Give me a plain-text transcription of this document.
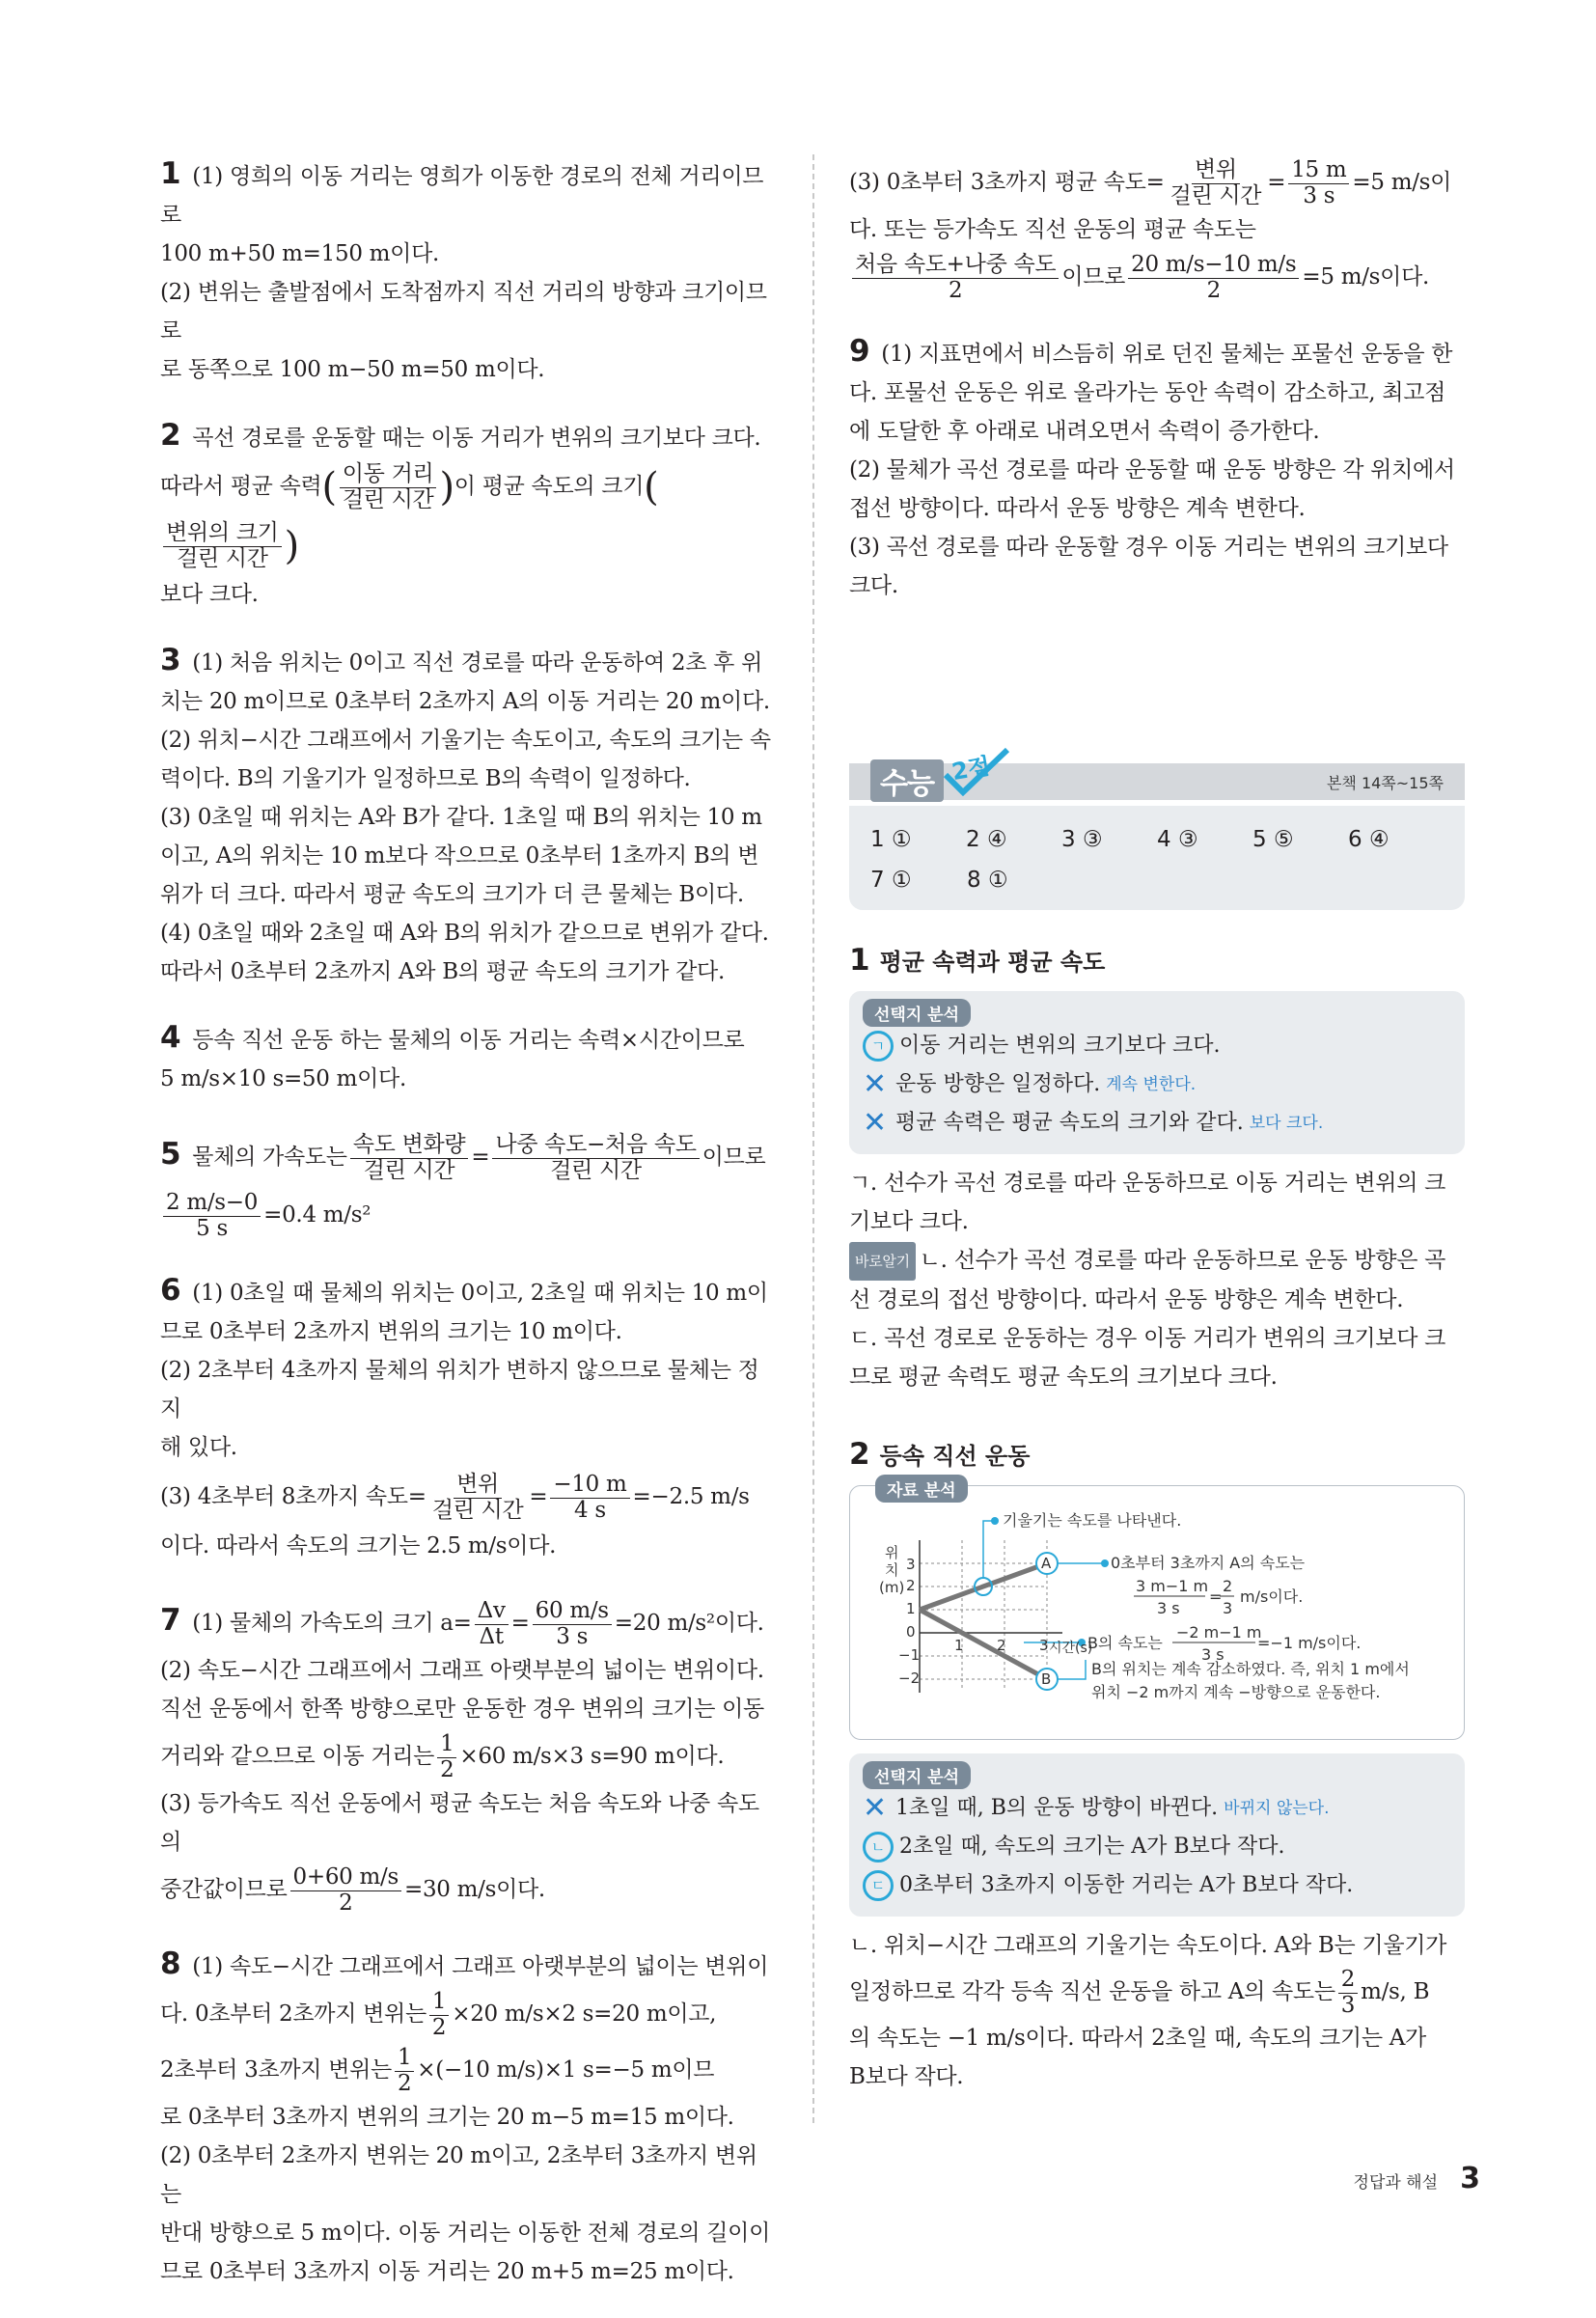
1 (1) 영희의 이동 거리는 영희가 이동한 경로의 전체 거리이므로

100 m+50 m=150 m이다.

(2) 변위는 출발점에서 도착점까지 직선 거리의 방향과 크기이므로

로 동쪽으로 100 m−50 m=50 m이다.

2 곡선 경로를 운동할 때는 이동 거리가 변위의 크기보다 크다.

따라서 평균 속력( $\frac{\text{이동 거리}}{\text{걸린 시간}}$ )이 평균 속도의 크기(
$\frac{\text{변위의 크기}}{\text{걸린 시간}}$ )

보다 크다.

3 (1) 처음 위치는 0이고 직선 경로를 따라 운동하여 2초 후 위

치는 20 m이므로 0초부터 2초까지 A의 이동 거리는 20 m이다.

(2) 위치−시간 그래프에서 기울기는 속도이고, 속도의 크기는 속

력이다. B의 기울기가 일정하므로 B의 속력이 일정하다.

(3) 0초일 때 위치는 A와 B가 같다. 1초일 때 B의 위치는 10 m

이고, A의 위치는 10 m보다 작으므로 0초부터 1초까지 B의 변

위가 더 크다. 따라서 평균 속도의 크기가 더 큰 물체는 B이다.

(4) 0초일 때와 2초일 때 A와 B의 위치가 같으므로 변위가 같다.

따라서 0초부터 2초까지 A와 B의 평균 속도의 크기가 같다.

4 등속 직선 운동 하는 물체의 이동 거리는 속력×시간이므로

5 m/s×10 s=50 m이다.

5 물체의 가속도는 $\frac{\text{속도 변화량}}{\text{걸린 시간}} = \frac{\text{나중 속도−처음 속도}}{\text{걸린 시간}}$ 이므로

$\frac{2 m/s-0}{5 s} =0.4$ m/s²

6 (1) 0초일 때 물체의 위치는 0이고, 2초일 때 위치는 10 m이

므로 0초부터 2초까지 변위의 크기는 10 m이다.

(2) 2초부터 4초까지 물체의 위치가 변하지 않으므로 물체는 정지

해 있다.

(3) 4초부터 8초까지 속도= $\frac{\text{변위}}{\text{걸린 시간}} = \frac{-10 m}{4 s} =-2.5$ m/s

이다. 따라서 속도의 크기는 2.5 m/s이다.

7 (1) 물체의 가속도의 크기 $a= \frac{\Delta v}{\Delta t} = \frac{60 m/s}{3 s} =20$ m/s²이다.

(2) 속도−시간 그래프에서 그래프 아랫부분의 넓이는 변위이다.

직선 운동에서 한쪽 방향으로만 운동한 경우 변위의 크기는 이동

거리와 같으므로 이동 거리는 $\frac{1}{2} \times 60$ m/s×3 s=90 m이다.

(3) 등가속도 직선 운동에서 평균 속도는 처음 속도와 나중 속도의

중간값이므로 $\frac{0+60 m/s}{2} =30$ m/s이다.

8 (1) 속도−시간 그래프에서 그래프 아랫부분의 넓이는 변위이

다. 0초부터 2초까지 변위는 $\frac{1}{2} \times 20$ m/s×2 s=20 m이고,

2초부터 3초까지 변위는 $\frac{1}{2} \times(-10$ m/s)×1 s=−5 m이므

로 0초부터 3초까지 변위의 크기는 20 m−5 m=15 m이다.

(2) 0초부터 2초까지 변위는 20 m이고, 2초부터 3초까지 변위는

반대 방향으로 5 m이다. 이동 거리는 이동한 전체 경로의 길이이

므로 0초부터 3초까지 이동 거리는 20 m+5 m=25 m이다.

(3) 0초부터 3초까지 평균 속도= $\frac{\text{변위}}{\text{걸린 시간}} = \frac{15 m}{3 s} =5$ m/s이

다. 또는 등가속도 직선 운동의 평균 속도는

$\frac{\text{처음 속도+나중 속도}}{2}$ 이므로 $\frac{20 m/s-10 m/s}{2} =5$ m/s이다.

9 (1) 지표면에서 비스듬히 위로 던진 물체는 포물선 운동을 한

다. 포물선 운동은 위로 올라가는 동안 속력이 감소하고, 최고점

에 도달한 후 아래로 내려오면서 속력이 증가한다.

(2) 물체가 곡선 경로를 따라 운동할 때 운동 방향은 각 위치에서

접선 방향이다. 따라서 운동 방향은 계속 변한다.

(3) 곡선 경로를 따라 운동할 경우 이동 거리는 변위의 크기보다

크다.

수능 2점	본책 14쪽~15쪽
1 ①	2 ④	3 ③	4 ③	5 ⑤	6 ④
7 ①	8 ①
1 평균 속력과 평균 속도
선택지 분석
ㄱ 이동 거리는 변위의 크기보다 크다.
✕ 운동 방향은 일정하다. 계속 변한다.
✕ 평균 속력은 평균 속도의 크기와 같다. 보다 크다.

ㄱ. 선수가 곡선 경로를 따라 운동하므로 이동 거리는 변위의 크

기보다 크다.

바로알기 ㄴ. 선수가 곡선 경로를 따라 운동하므로 운동 방향은 곡

선 경로의 접선 방향이다. 따라서 운동 방향은 계속 변한다.

ㄷ. 곡선 경로로 운동하는 경우 이동 거리가 변위의 크기보다 크

므로 평균 속력도 평균 속도의 크기보다 크다.

2 등속 직선 운동
자료 분석
위
치
(m)
3
2
1
0
−1
−2
1 2 3 시간(s)
A
B
기울기는 속도를 나타낸다.
0초부터 3초까지 A의 속도는
3 m−1 m
3 s
=
2
3
m/s이다.
B의 속도는
−2 m−1 m
3 s
=−1 m/s이다.
B의 위치는 계속 감소하였다. 즉, 위치 1 m에서
위치 −2 m까지 계속 −방향으로 운동한다.
선택지 분석
✕ 1초일 때, B의 운동 방향이 바뀐다. 바뀌지 않는다.
ㄴ 2초일 때, 속도의 크기는 A가 B보다 작다.
ㄷ 0초부터 3초까지 이동한 거리는 A가 B보다 작다.

ㄴ. 위치−시간 그래프의 기울기는 속도이다. A와 B는 기울기가

일정하므로 각각 등속 직선 운동을 하고 A의 속도는 $\frac{2}{3} m/s$, B

의 속도는 −1 m/s이다. 따라서 2초일 때, 속도의 크기는 A가

B보다 작다.

정답과 해설 3
